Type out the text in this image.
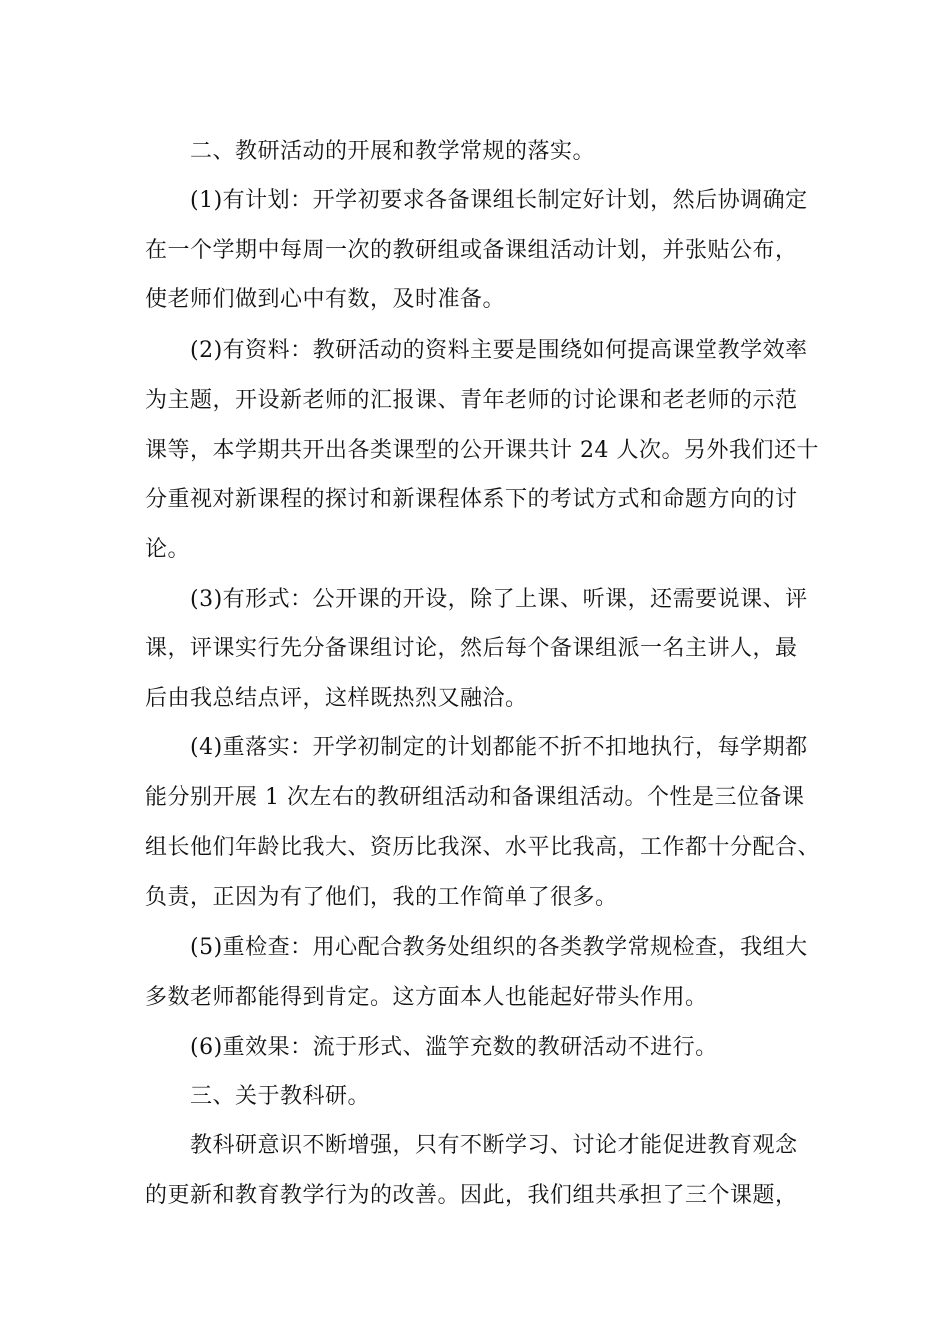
二、教研活动的开展和教学常规的落实。
(1)有计划：开学初要求各备课组长制定好计划，然后协调确定
在一个学期中每周一次的教研组或备课组活动计划，并张贴公布，
使老师们做到心中有数，及时准备。
(2)有资料：教研活动的资料主要是围绕如何提高课堂教学效率
为主题，开设新老师的汇报课、青年老师的讨论课和老老师的示范
课等，本学期共开出各类课型的公开课共计 24 人次。另外我们还十
分重视对新课程的探讨和新课程体系下的考试方式和命题方向的讨
论。
(3)有形式：公开课的开设，除了上课、听课，还需要说课、评
课，评课实行先分备课组讨论，然后每个备课组派一名主讲人，最
后由我总结点评，这样既热烈又融洽。
(4)重落实：开学初制定的计划都能不折不扣地执行，每学期都
能分别开展 1 次左右的教研组活动和备课组活动。个性是三位备课
组长他们年龄比我大、资历比我深、水平比我高，工作都十分配合、
负责，正因为有了他们，我的工作简单了很多。
(5)重检查：用心配合教务处组织的各类教学常规检查，我组大
多数老师都能得到肯定。这方面本人也能起好带头作用。
(6)重效果：流于形式、滥竽充数的教研活动不进行。
三、关于教科研。
教科研意识不断增强，只有不断学习、讨论才能促进教育观念
的更新和教育教学行为的改善。因此，我们组共承担了三个课题，
